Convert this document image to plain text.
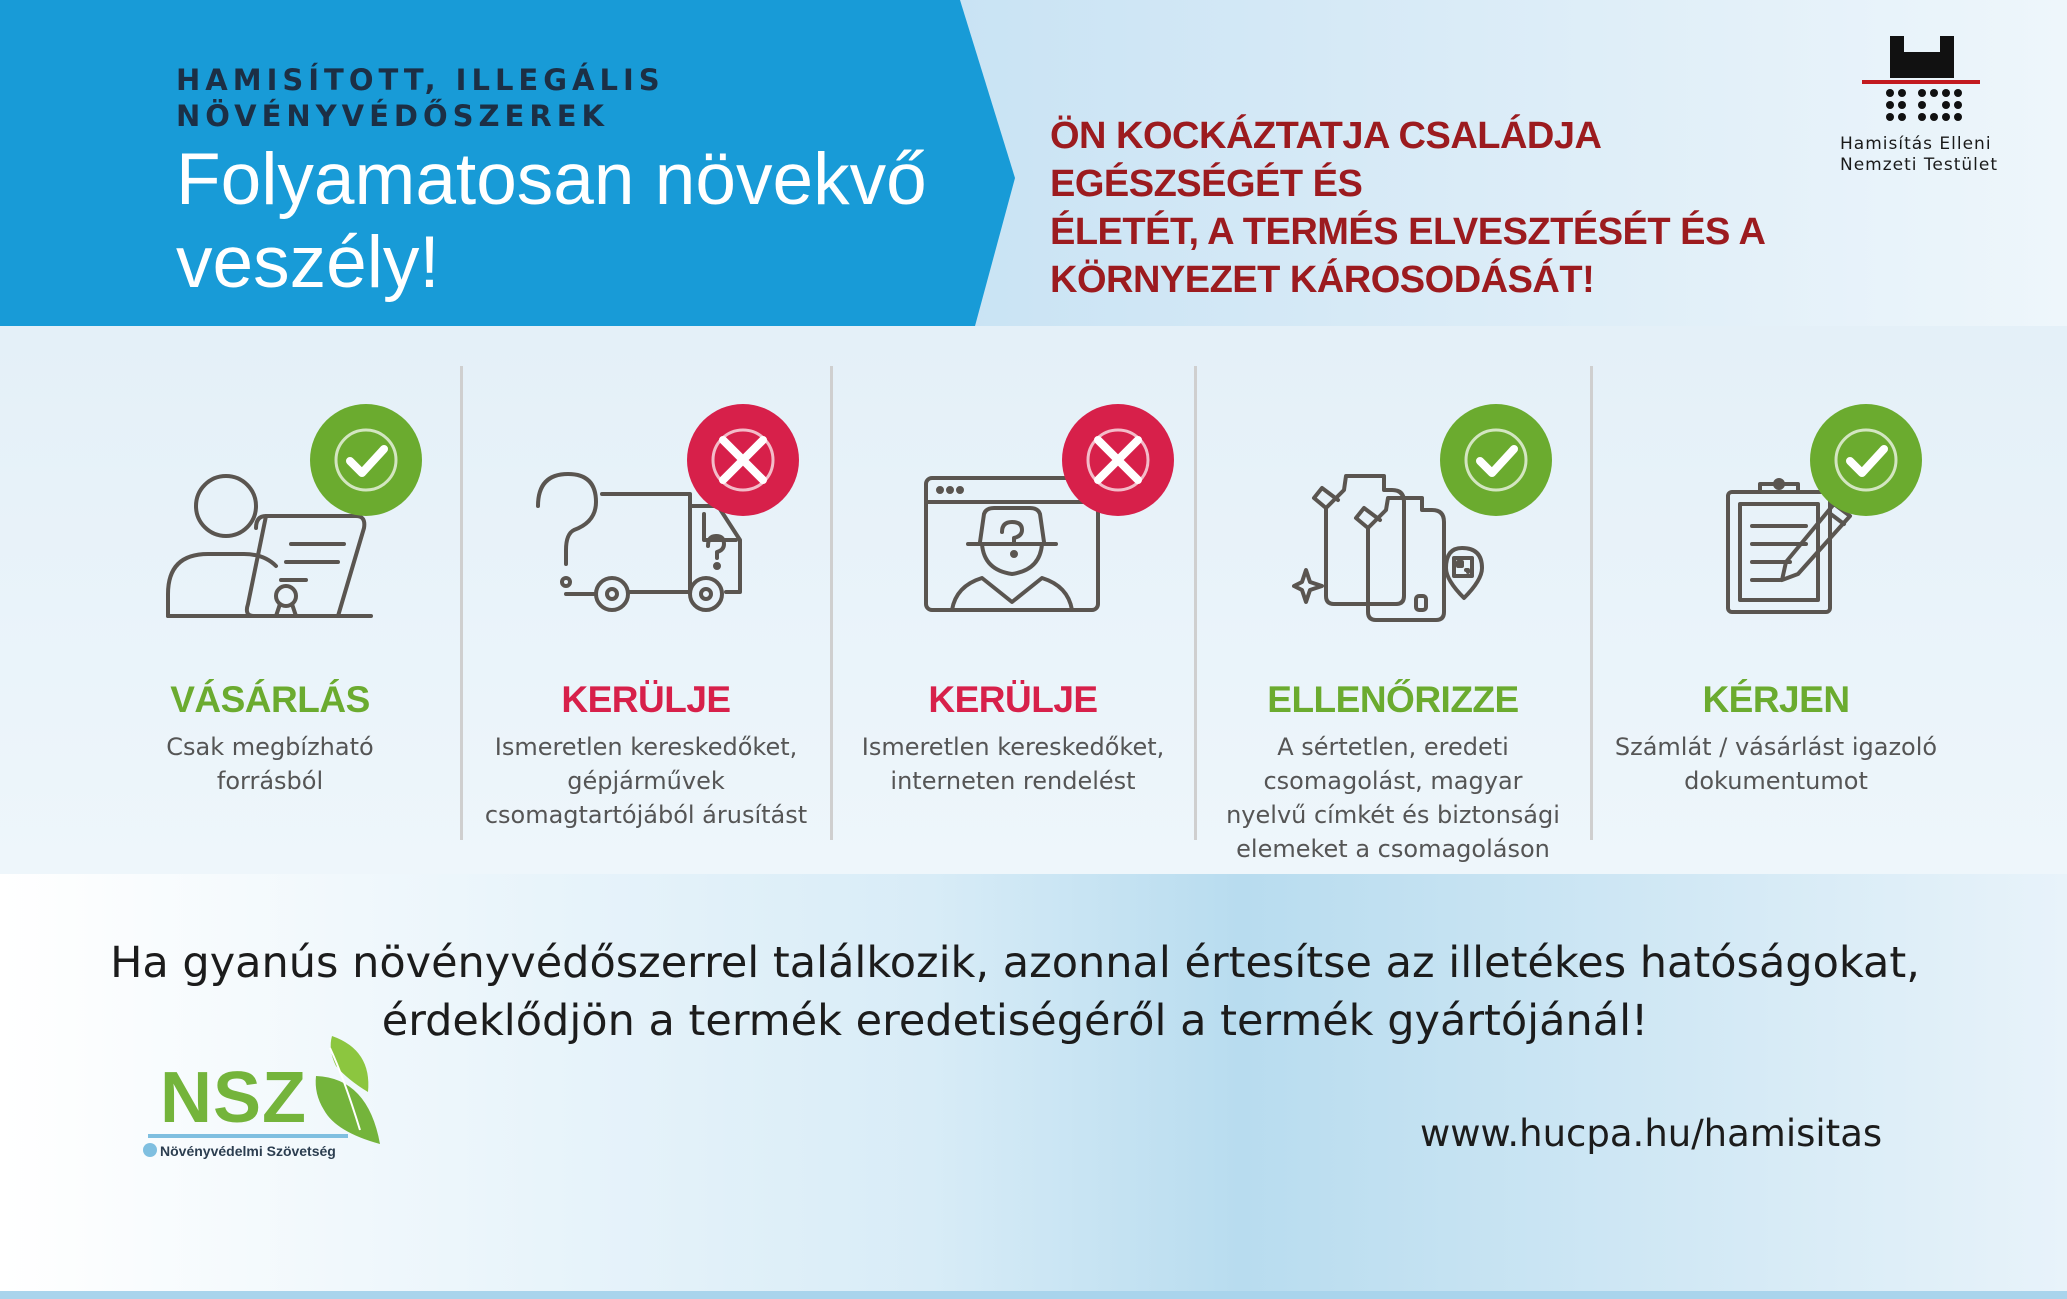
HAMISÍTOTT, ILLEGÁLIS
NÖVÉNYVÉDŐSZEREK
Folyamatosan növekvő
veszély!
ÖN KOCKÁZTATJA CSALÁDJA EGÉSZSÉGÉT ÉS
ÉLETÉT, A TERMÉS ELVESZTÉSÉT ÉS A
KÖRNYEZET KÁROSODÁSÁT!
Hamisítás Elleni
Nemzeti Testület
VÁSÁRLÁS
Csak megbízható
forrásból
KERÜLJE
Ismeretlen kereskedőket,
gépjárművek
csomagtartójából árusítást
KERÜLJE
Ismeretlen kereskedőket,
interneten rendelést
ELLENŐRIZZE
A sértetlen, eredeti
csomagolást, magyar
nyelvű címkét és biztonsági
elemeket a csomagoláson
KÉRJEN
Számlát / vásárlást igazoló
dokumentumot
Ha gyanús növényvédőszerrel találkozik, azonnal értesítse az illetékes hatóságokat,
érdeklődjön a termék eredetiségéről a termék gyártójánál!
www.hucpa.hu/hamisitas
NSZ
Növényvédelmi Szövetség
